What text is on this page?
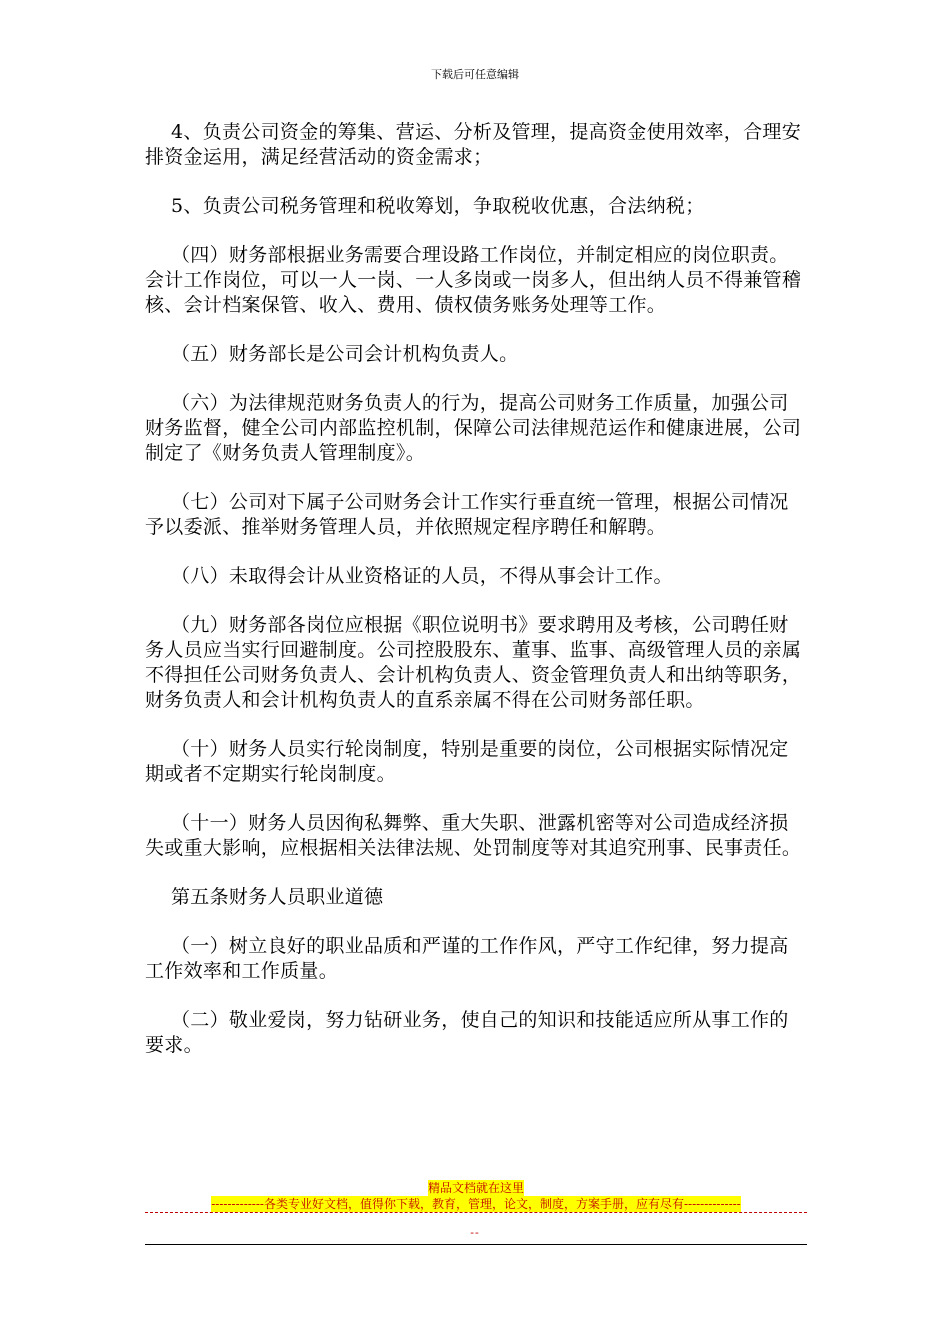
下载后可任意编辑

4、负责公司资金的筹集、营运、分析及管理，提高资金使用效率，合理安排资金运用，满足经营活动的资金需求；

5、负责公司税务管理和税收筹划，争取税收优惠，合法纳税；

（四）财务部根据业务需要合理设路工作岗位，并制定相应的岗位职责。会计工作岗位，可以一人一岗、一人多岗或一岗多人，但出纳人员不得兼管稽核、会计档案保管、收入、费用、债权债务账务处理等工作。

（五）财务部长是公司会计机构负责人。

（六）为法律规范财务负责人的行为，提高公司财务工作质量，加强公司财务监督，健全公司内部监控机制，保障公司法律规范运作和健康进展，公司制定了《财务负责人管理制度》。

（七）公司对下属子公司财务会计工作实行垂直统一管理，根据公司情况予以委派、推举财务管理人员，并依照规定程序聘任和解聘。

（八）未取得会计从业资格证的人员，不得从事会计工作。

（九）财务部各岗位应根据《职位说明书》要求聘用及考核，公司聘任财务人员应当实行回避制度。公司控股股东、董事、监事、高级管理人员的亲属不得担任公司财务负责人、会计机构负责人、资金管理负责人和出纳等职务，财务负责人和会计机构负责人的直系亲属不得在公司财务部任职。

（十）财务人员实行轮岗制度，特别是重要的岗位，公司根据实际情况定期或者不定期实行轮岗制度。

（十一）财务人员因徇私舞弊、重大失职、泄露机密等对公司造成经济损失或重大影响，应根据相关法律法规、处罚制度等对其追究刑事、民事责任。

第五条财务人员职业道德

（一）树立良好的职业品质和严谨的工作作风，严守工作纪律，努力提高工作效率和工作质量。

（二）敬业爱岗，努力钻研业务，使自己的知识和技能适应所从事工作的要求。

精品文档就在这里
-------------各类专业好文档，值得你下载，教育，管理，论文，制度，方案手册，应有尽有--------------
--
